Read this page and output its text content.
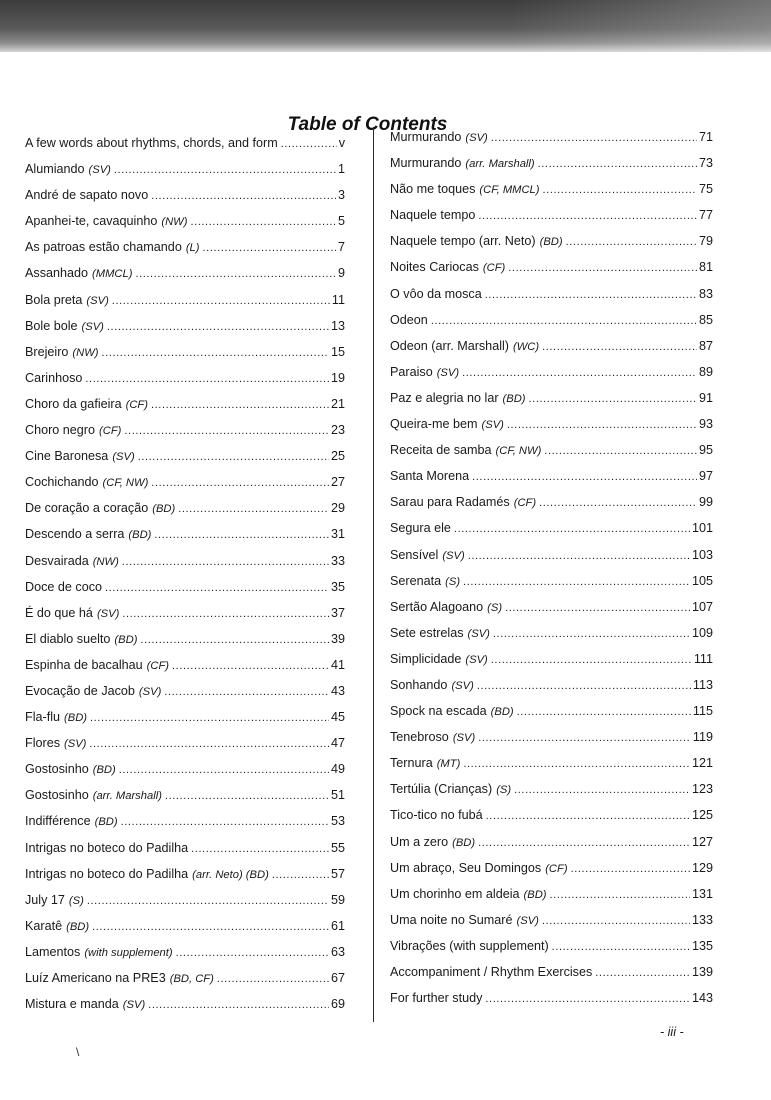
Table of Contents
A few words about rhythms, chords, and form .....	v
Alumiando (SV) .....	1
André de sapato novo .....	3
Apanhei-te, cavaquinho (NW) .....	5
As patroas estão chamando (L) .....	7
Assanhado (MMCL) .....	9
Bola preta (SV) .....	11
Bole bole (SV) .....	13
Brejeiro (NW) .....	15
Carinhoso .....	19
Choro da gafieira (CF) .....	21
Choro negro (CF) .....	23
Cine Baronesa (SV) .....	25
Cochichando (CF, NW) .....	27
De coração a coração (BD) .....	29
Descendo a serra (BD) .....	31
Desvairada (NW) .....	33
Doce de coco .....	35
É do que há (SV) .....	37
El diablo suelto (BD) .....	39
Espinha de bacalhau (CF) .....	41
Evocação de Jacob (SV) .....	43
Fla-flu (BD) .....	45
Flores (SV) .....	47
Gostosinho (BD) .....	49
Gostosinho (arr. Marshall) .....	51
Indifférence (BD) .....	53
Intrigas no boteco do Padilha .....	55
Intrigas no boteco do Padilha (arr. Neto) (BD) .....	57
July 17 (S) .....	59
Karatê (BD) .....	61
Lamentos (with supplement) .....	63
Luíz Americano na PRE3 (BD, CF) .....	67
Mistura e manda (SV) .....	69
Murmurando (SV) .....	71
Murmurando (arr. Marshall) .....	73
Não me toques (CF, MMCL) .....	75
Naquele tempo .....	77
Naquele tempo (arr. Neto) (BD) .....	79
Noites Cariocas (CF) .....	81
O vôo da mosca .....	83
Odeon .....	85
Odeon (arr. Marshall) (WC) .....	87
Paraiso (SV) .....	89
Paz e alegria no lar (BD) .....	91
Queira-me bem (SV) .....	93
Receita de samba (CF, NW) .....	95
Santa Morena .....	97
Sarau para Radamés (CF) .....	99
Segura ele .....	101
Sensível (SV) .....	103
Serenata (S) .....	105
Sertão Alagoano (S) .....	107
Sete estrelas (SV) .....	109
Simplicidade (SV) .....	111
Sonhando (SV) .....	113
Spock na escada (BD) .....	115
Tenebroso (SV) .....	119
Ternura (MT) .....	121
Tertúlia (Crianças) (S) .....	123
Tico-tico no fubá .....	125
Um a zero (BD) .....	127
Um abraço, Seu Domingos (CF) .....	129
Um chorinho em aldeia (BD) .....	131
Uma noite no Sumaré (SV) .....	133
Vibrações (with supplement) .....	135
Accompaniment / Rhythm Exercises .....	139
For further study .....	143
- iii -
\
